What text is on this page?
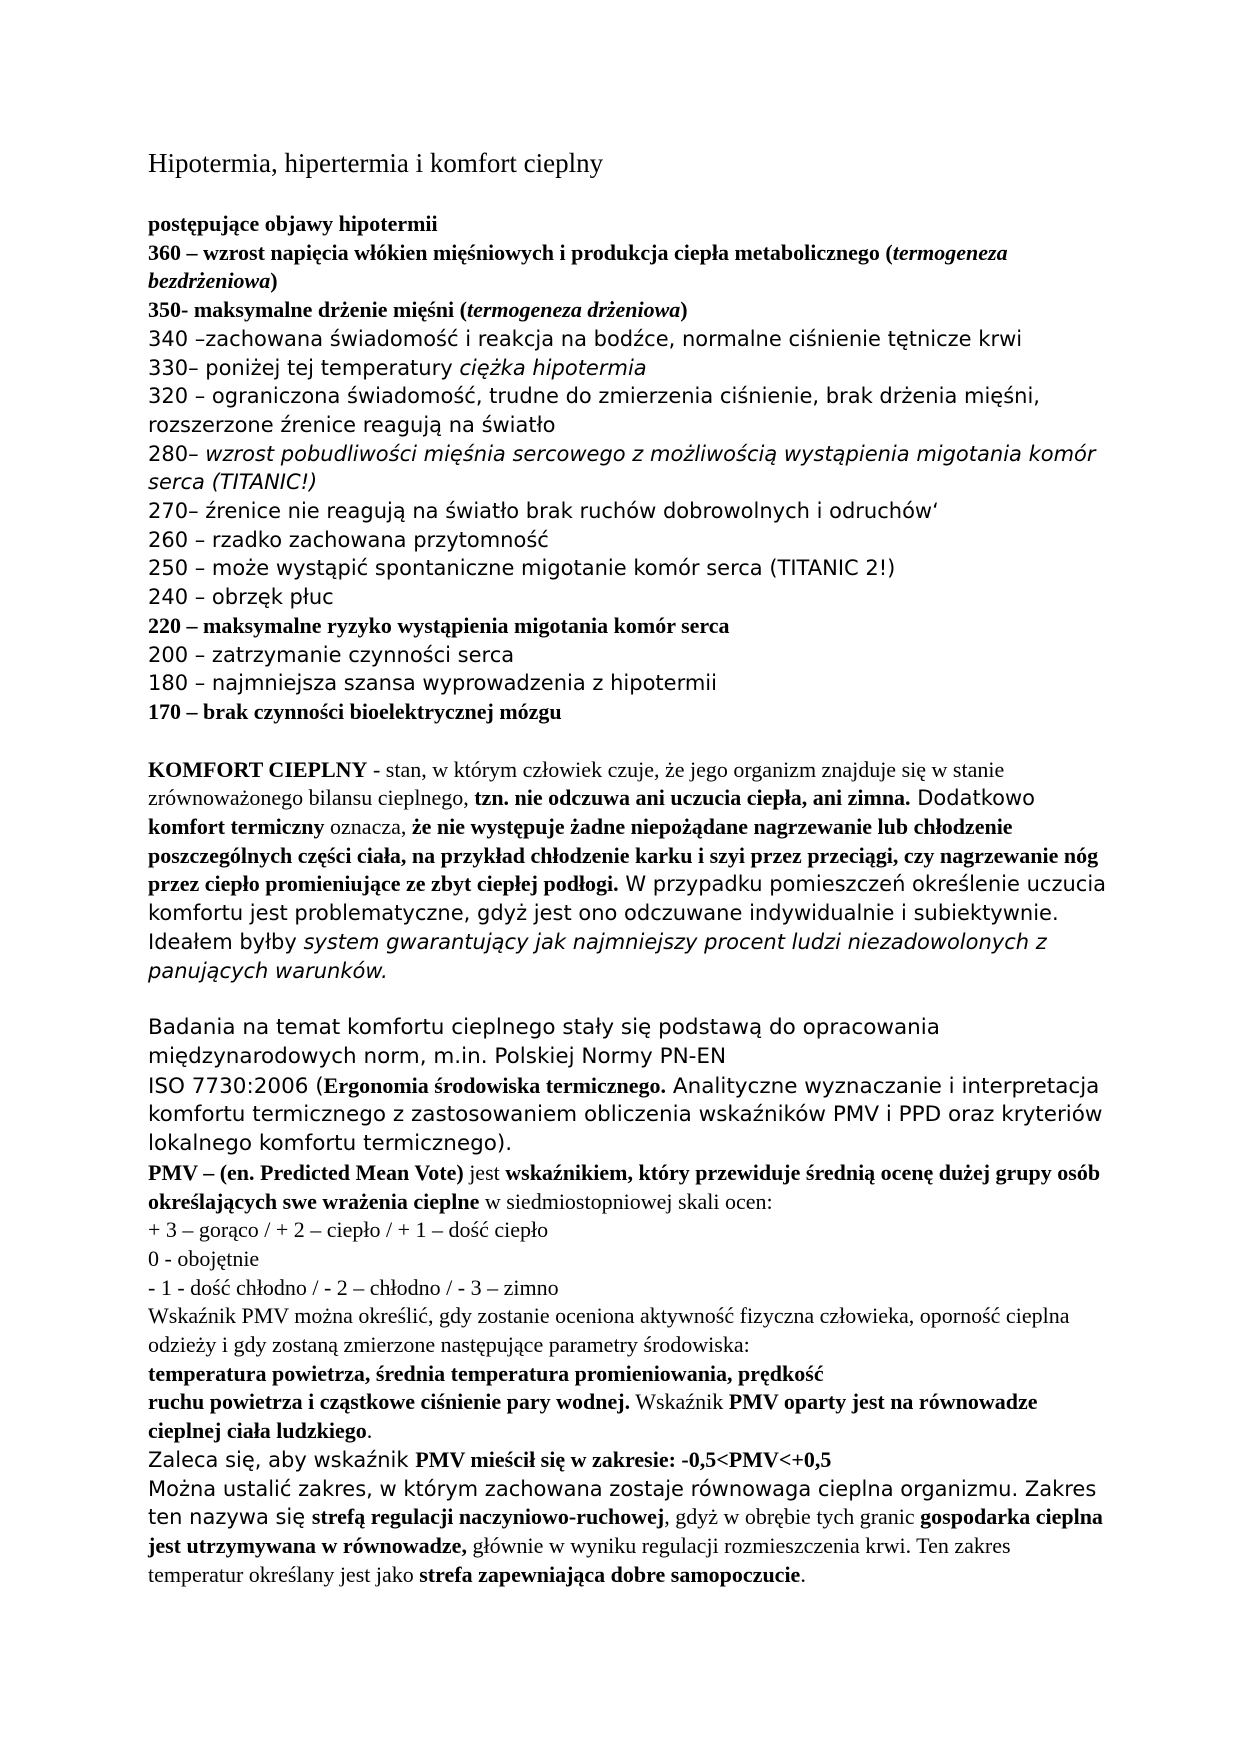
Hipotermia, hipertermia i komfort cieplny
postępujące objawy hipotermii
360 – wzrost napięcia włókien mięśniowych i produkcja ciepła metabolicznego (termogeneza bezdrżeniowa)
350- maksymalne drżenie mięśni (termogeneza drżeniowa)
340 –zachowana świadomość i reakcja na bodźce, normalne ciśnienie tętnicze krwi
330– poniżej tej temperatury ciężka hipotermia
320 – ograniczona świadomość, trudne do zmierzenia ciśnienie, brak drżenia mięśni,
rozszerzone źrenice reagują na światło
280– wzrost pobudliwości mięśnia sercowego z możliwością wystąpienia migotania komór serca (TITANIC!)
270– źrenice nie reagują na światło brak ruchów dobrowolnych i odruchów‘
260 – rzadko zachowana przytomność
250 – może wystąpić spontaniczne migotanie komór serca (TITANIC 2!)
240 – obrzęk płuc
220 – maksymalne ryzyko wystąpienia migotania komór serca
200 – zatrzymanie czynności serca
180 – najmniejsza szansa wyprowadzenia z hipotermii
170 – brak czynności bioelektrycznej mózgu

KOMFORT CIEPLNY - stan, w którym człowiek czuje, że jego organizm znajduje się w stanie zrównoważonego bilansu cieplnego, tzn. nie odczuwa ani uczucia ciepła, ani zimna. Dodatkowo komfort termiczny oznacza, że nie występuje żadne niepożądane nagrzewanie lub chłodzenie poszczególnych części ciała, na przykład chłodzenie karku i szyi przez przeciągi, czy nagrzewanie nóg przez ciepło promieniujące ze zbyt ciepłej podłogi. W przypadku pomieszczeń określenie uczucia komfortu jest problematyczne, gdyż jest ono odczuwane indywidualnie i subiektywnie. Ideałem byłby system gwarantujący jak najmniejszy procent ludzi niezadowolonych z panujących warunków.

Badania na temat komfortu cieplnego stały się podstawą do opracowania międzynarodowych norm, m.in. Polskiej Normy PN-EN
ISO 7730:2006 (Ergonomia środowiska termicznego. Analityczne wyznaczanie i interpretacja komfortu termicznego z zastosowaniem obliczenia wskaźników PMV i PPD oraz kryteriów lokalnego komfortu termicznego).

PMV – (en. Predicted Mean Vote) jest wskaźnikiem, który przewiduje średnią ocenę dużej grupy osób określających swe wrażenia cieplne w siedmiostopniowej skali ocen:

+ 3 – gorąco / + 2 – ciepło / + 1 – dość ciepło
0 - obojętnie
- 1 - dość chłodno / - 2 – chłodno / - 3 – zimno

Wskaźnik PMV można określić, gdy zostanie oceniona aktywność fizyczna człowieka, oporność cieplna odzieży i gdy zostaną zmierzone następujące parametry środowiska:
temperatura powietrza, średnia temperatura promieniowania, prędkość
ruchu powietrza i cząstkowe ciśnienie pary wodnej. Wskaźnik PMV oparty jest na równowadze cieplnej ciała ludzkiego.

Zaleca się, aby wskaźnik PMV mieścił się w zakresie: -0,5<PMV<+0,5

Można ustalić zakres, w którym zachowana zostaje równowaga cieplna organizmu. Zakres ten nazywa się strefą regulacji naczyniowo-ruchowej, gdyż w obrębie tych granic gospodarka cieplna jest utrzymywana w równowadze, głównie w wyniku regulacji rozmieszczenia krwi. Ten zakres temperatur określany jest jako strefa zapewniająca dobre samopoczucie.
